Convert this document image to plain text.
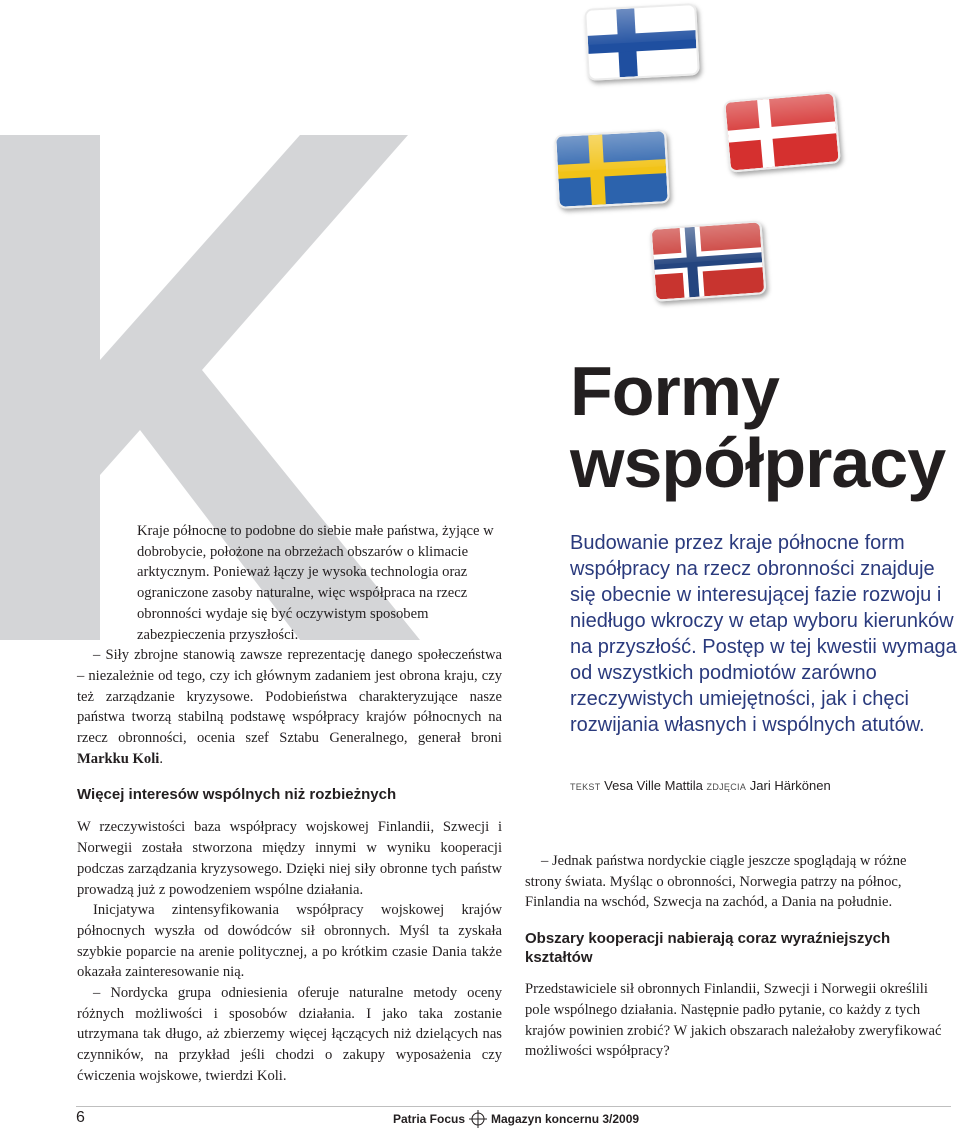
Formy
współpracy
Budowanie przez kraje północne form współpracy na rzecz obronności znajduje się obecnie w interesującej fazie rozwoju i niedługo wkroczy w etap wyboru kierunków na przyszłość. Postęp w tej kwestii wymaga od wszystkich podmiotów zarówno rzeczywistych umiejętności, jak i chęci rozwijania własnych i wspólnych atutów.
TEKST Vesa Ville Mattila ZDJĘCIA Jari Härkönen

Kraje północne to podobne do siebie małe państwa, żyjące w dobrobycie, położone na obrzeżach obszarów o klimacie arktycznym. Ponieważ łączy je wysoka technologia oraz ograniczone zasoby naturalne, więc współpraca na rzecz obronności wydaje się być oczywistym sposobem zabezpieczenia przyszłości.

– Siły zbrojne stanowią zawsze reprezentację danego społeczeństwa – niezależnie od tego, czy ich głównym zadaniem jest obrona kraju, czy też zarządzanie kryzysowe. Podobieństwa charakteryzujące nasze państwa tworzą stabilną podstawę współpracy krajów północnych na rzecz obronności, ocenia szef Sztabu Generalnego, generał broni Markku Koli.

Więcej interesów wspólnych niż rozbieżnych

W rzeczywistości baza współpracy wojskowej Finlandii, Szwecji i Norwegii została stworzona między innymi w wyniku kooperacji podczas zarządzania kryzysowego. Dzięki niej siły obronne tych państw prowadzą już z powodzeniem wspólne działania.

Inicjatywa zintensyfikowania współpracy wojskowej krajów północnych wyszła od dowódców sił obronnych. Myśl ta zyskała szybkie poparcie na arenie politycznej, a po krótkim czasie Dania także okazała zainteresowanie nią.

– Nordycka grupa odniesienia oferuje naturalne metody oceny różnych możliwości i sposobów działania. I jako taka zostanie utrzymana tak długo, aż zbierzemy więcej łączących niż dzielących nas czynników, na przykład jeśli chodzi o zakupy wyposażenia czy ćwiczenia wojskowe, twierdzi Koli.

– Jednak państwa nordyckie ciągle jeszcze spoglądają w różne strony świata. Myśląc o obronności, Norwegia patrzy na północ, Finlandia na wschód, Szwecja na zachód, a Dania na południe.

Obszary kooperacji nabierają coraz wyraźniejszych kształtów

Przedstawiciele sił obronnych Finlandii, Szwecji i Norwegii określili pole wspólnego działania. Następnie padło pytanie, co każdy z tych krajów powinien zrobić? W jakich obszarach należałoby zweryfikować możliwości współpracy?

6	Patria Focus Magazyn koncernu 3/2009
